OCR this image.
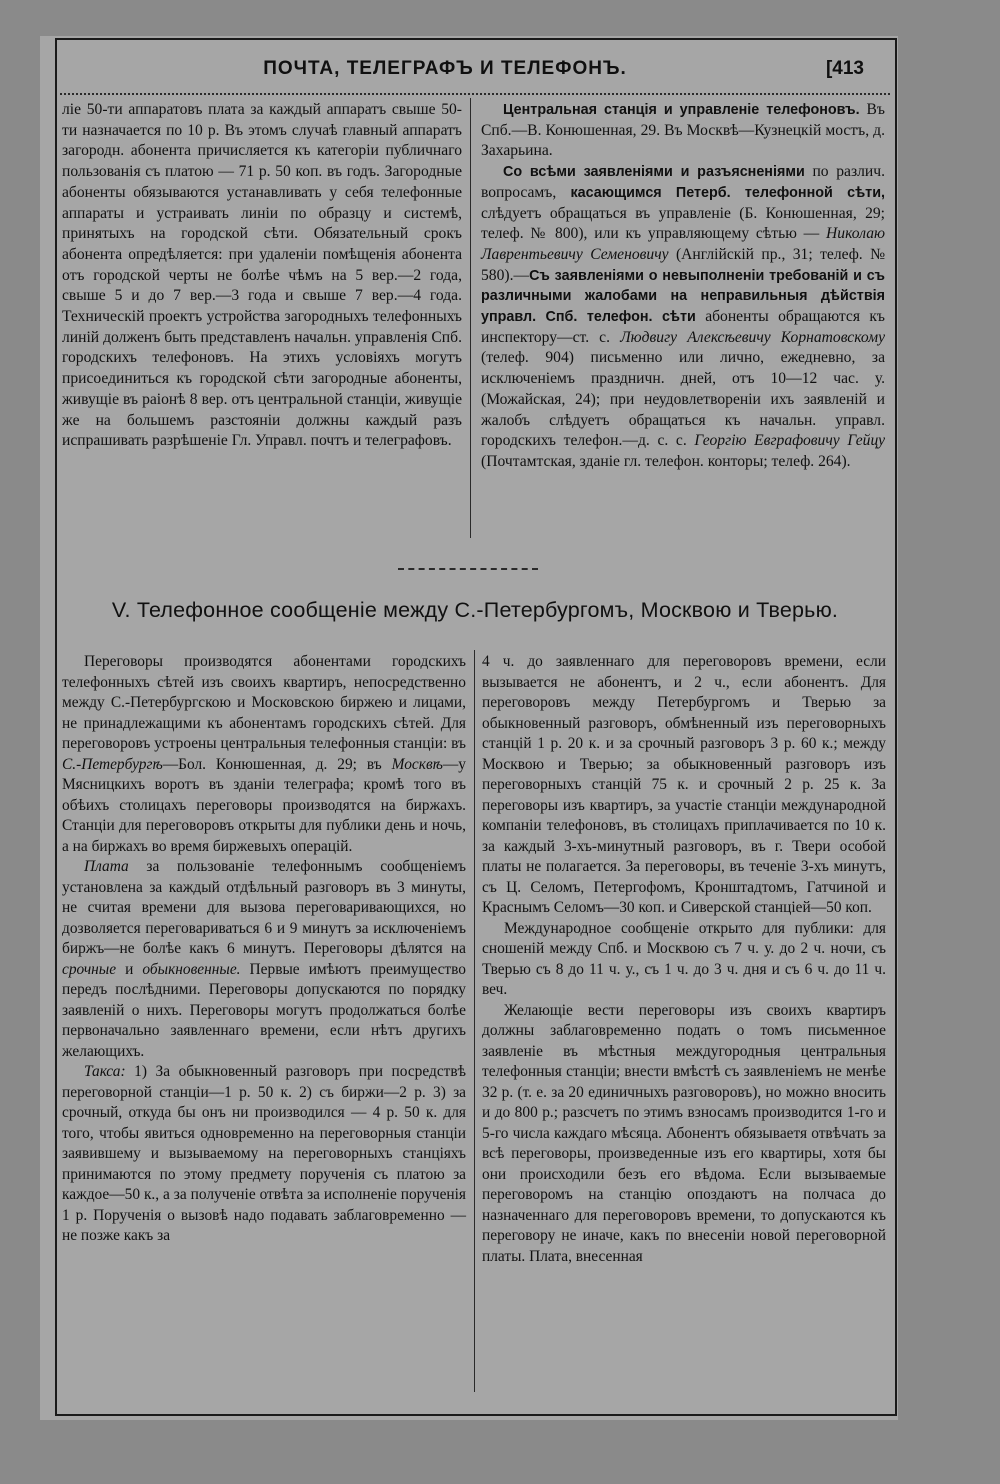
ПОЧТА, ТЕЛЕГРАФЪ И ТЕЛЕФОНЪ.	[413

ліе 50-ти аппаратовъ плата за каждый аппаратъ свыше 50-ти назначается по 10 р. Въ этомъ случаѣ главный аппаратъ загородн. абонента причисляется къ категоріи публичнаго пользованія съ платою — 71 р. 50 коп. въ годъ. Загородные абоненты обязываются устанавливать у себя телефонные аппараты и устраивать линіи по образцу и системѣ, принятыхъ на городской сѣти. Обязательный срокъ абонента опредѣляется: при удаленіи помѣщенія абонента отъ городской черты не болѣе чѣмъ на 5 вер.—2 года, свыше 5 и до 7 вер.—3 года и свыше 7 вер.—4 года. Техническій проектъ устройства загородныхъ телефонныхъ линій долженъ быть представленъ начальн. управленія Спб. городскихъ телефоновъ. На этихъ условіяхъ могутъ присоединиться къ городской сѣти загородные абоненты, живущіе въ раіонѣ 8 вер. отъ центральной станціи, живущіе же на большемъ разстояніи должны каждый разъ испрашивать разрѣшеніе Гл. Управл. почтъ и телеграфовъ.

Центральная станція и управленіе телефоновъ. Въ Спб.—В. Конюшенная, 29. Въ Москвѣ—Кузнецкій мостъ, д. Захарьина.

Со всѣми заявленіями и разъясненіями по различ. вопросамъ, касающимся Петерб. телефонной сѣти, слѣдуетъ обращаться въ управленіе (Б. Конюшенная, 29; телеф. № 800), или къ управляющему сѣтью — Николаю Лаврентьевичу Семеновичу (Англійскій пр., 31; телеф. № 580).—Съ заявленіями о невыполненіи требованій и съ различными жалобами на неправильныя дѣйствія управл. Спб. телефон. сѣти абоненты обращаются къ инспектору—ст. с. Людвигу Алексѣевичу Корнатовскому (телеф. 904) письменно или лично, ежедневно, за исключеніемъ праздничн. дней, отъ 10—12 час. у. (Можайская, 24); при неудовлетвореніи ихъ заявленій и жалобъ слѣдуетъ обращаться къ начальн. управл. городскихъ телефон.—д. с. с. Георгію Евграфовичу Гейцу (Почтамтская, зданіе гл. телефон. конторы; телеф. 264).

V. Телефонное сообщеніе между С.-Петербургомъ, Москвою и Тверью.

Переговоры производятся абонентами городскихъ телефонныхъ сѣтей изъ своихъ квартиръ, непосредственно между С.-Петербургскою и Московскою биржею и лицами, не принадлежащими къ абонентамъ городскихъ сѣтей. Для переговоровъ устроены центральныя телефонныя станціи: въ С.-Петербургѣ—Бол. Конюшенная, д. 29; въ Москвѣ—у Мясницкихъ воротъ въ зданіи телеграфа; кромѣ того въ обѣихъ столицахъ переговоры производятся на биржахъ. Станціи для переговоровъ открыты для публики день и ночь, а на биржахъ во время биржевыхъ операцій.

Плата за пользованіе телефоннымъ сообщеніемъ установлена за каждый отдѣльный разговоръ въ 3 минуты, не считая времени для вызова переговаривающихся, но дозволяется переговариваться 6 и 9 минутъ за исключеніемъ биржъ—не болѣе какъ 6 минутъ. Переговоры дѣлятся на срочные и обыкновенные. Первые имѣютъ преимущество передъ послѣдними. Переговоры допускаются по порядку заявленій о нихъ. Переговоры могутъ продолжаться болѣе первоначально заявленнаго времени, если нѣтъ другихъ желающихъ.

Такса: 1) За обыкновенный разговоръ при посредствѣ переговорной станціи—1 р. 50 к. 2) съ биржи—2 р. 3) за срочный, откуда бы онъ ни производился — 4 р. 50 к. для того, чтобы явиться одновременно на переговорныя станціи заявившему и вызываемому на переговорныхъ станціяхъ принимаются по этому предмету порученія съ платою за каждое—50 к., а за полученіе отвѣта за исполненіе порученія 1 р. Порученія о вызовѣ надо подавать заблаговременно — не позже какъ за

4 ч. до заявленнаго для переговоровъ времени, если вызывается не абонентъ, и 2 ч., если абонентъ. Для переговоровъ между Петербургомъ и Тверью за обыкновенный разговоръ, обмѣненный изъ переговорныхъ станцій 1 р. 20 к. и за срочный разговоръ 3 р. 60 к.; между Москвою и Тверью; за обыкновенный разговоръ изъ переговорныхъ станцій 75 к. и срочный 2 р. 25 к. За переговоры изъ квартиръ, за участіе станціи международной компаніи телефоновъ, въ столицахъ приплачивается по 10 к. за каждый 3-хъ-минутный разговоръ, въ г. Твери особой платы не полагается. За переговоры, въ теченіе 3-хъ минутъ, съ Ц. Селомъ, Петергофомъ, Кронштадтомъ, Гатчиной и Краснымъ Селомъ—30 коп. и Сиверской станціей—50 коп.

Международное сообщеніе открыто для публики: для сношеній между Спб. и Москвою съ 7 ч. у. до 2 ч. ночи, съ Тверью съ 8 до 11 ч. у., съ 1 ч. до 3 ч. дня и съ 6 ч. до 11 ч. веч.

Желающіе вести переговоры изъ своихъ квартиръ должны заблаговременно подать о томъ письменное заявленіе въ мѣстныя междугородныя центральныя телефонныя станціи; внести вмѣстѣ съ заявленіемъ не менѣе 32 р. (т. е. за 20 единичныхъ разговоровъ), но можно вносить и до 800 р.; разсчетъ по этимъ взносамъ производится 1-го и 5-го числа каждаго мѣсяца. Абонентъ обязываетя отвѣчать за всѣ переговоры, произведенные изъ его квартиры, хотя бы они происходили безъ его вѣдома. Если вызываемые переговоромъ на станцію опоздаютъ на полчаса до назначеннаго для переговоровъ времени, то допускаются къ переговору не иначе, какъ по внесеніи новой переговорной платы. Плата, внесенная
